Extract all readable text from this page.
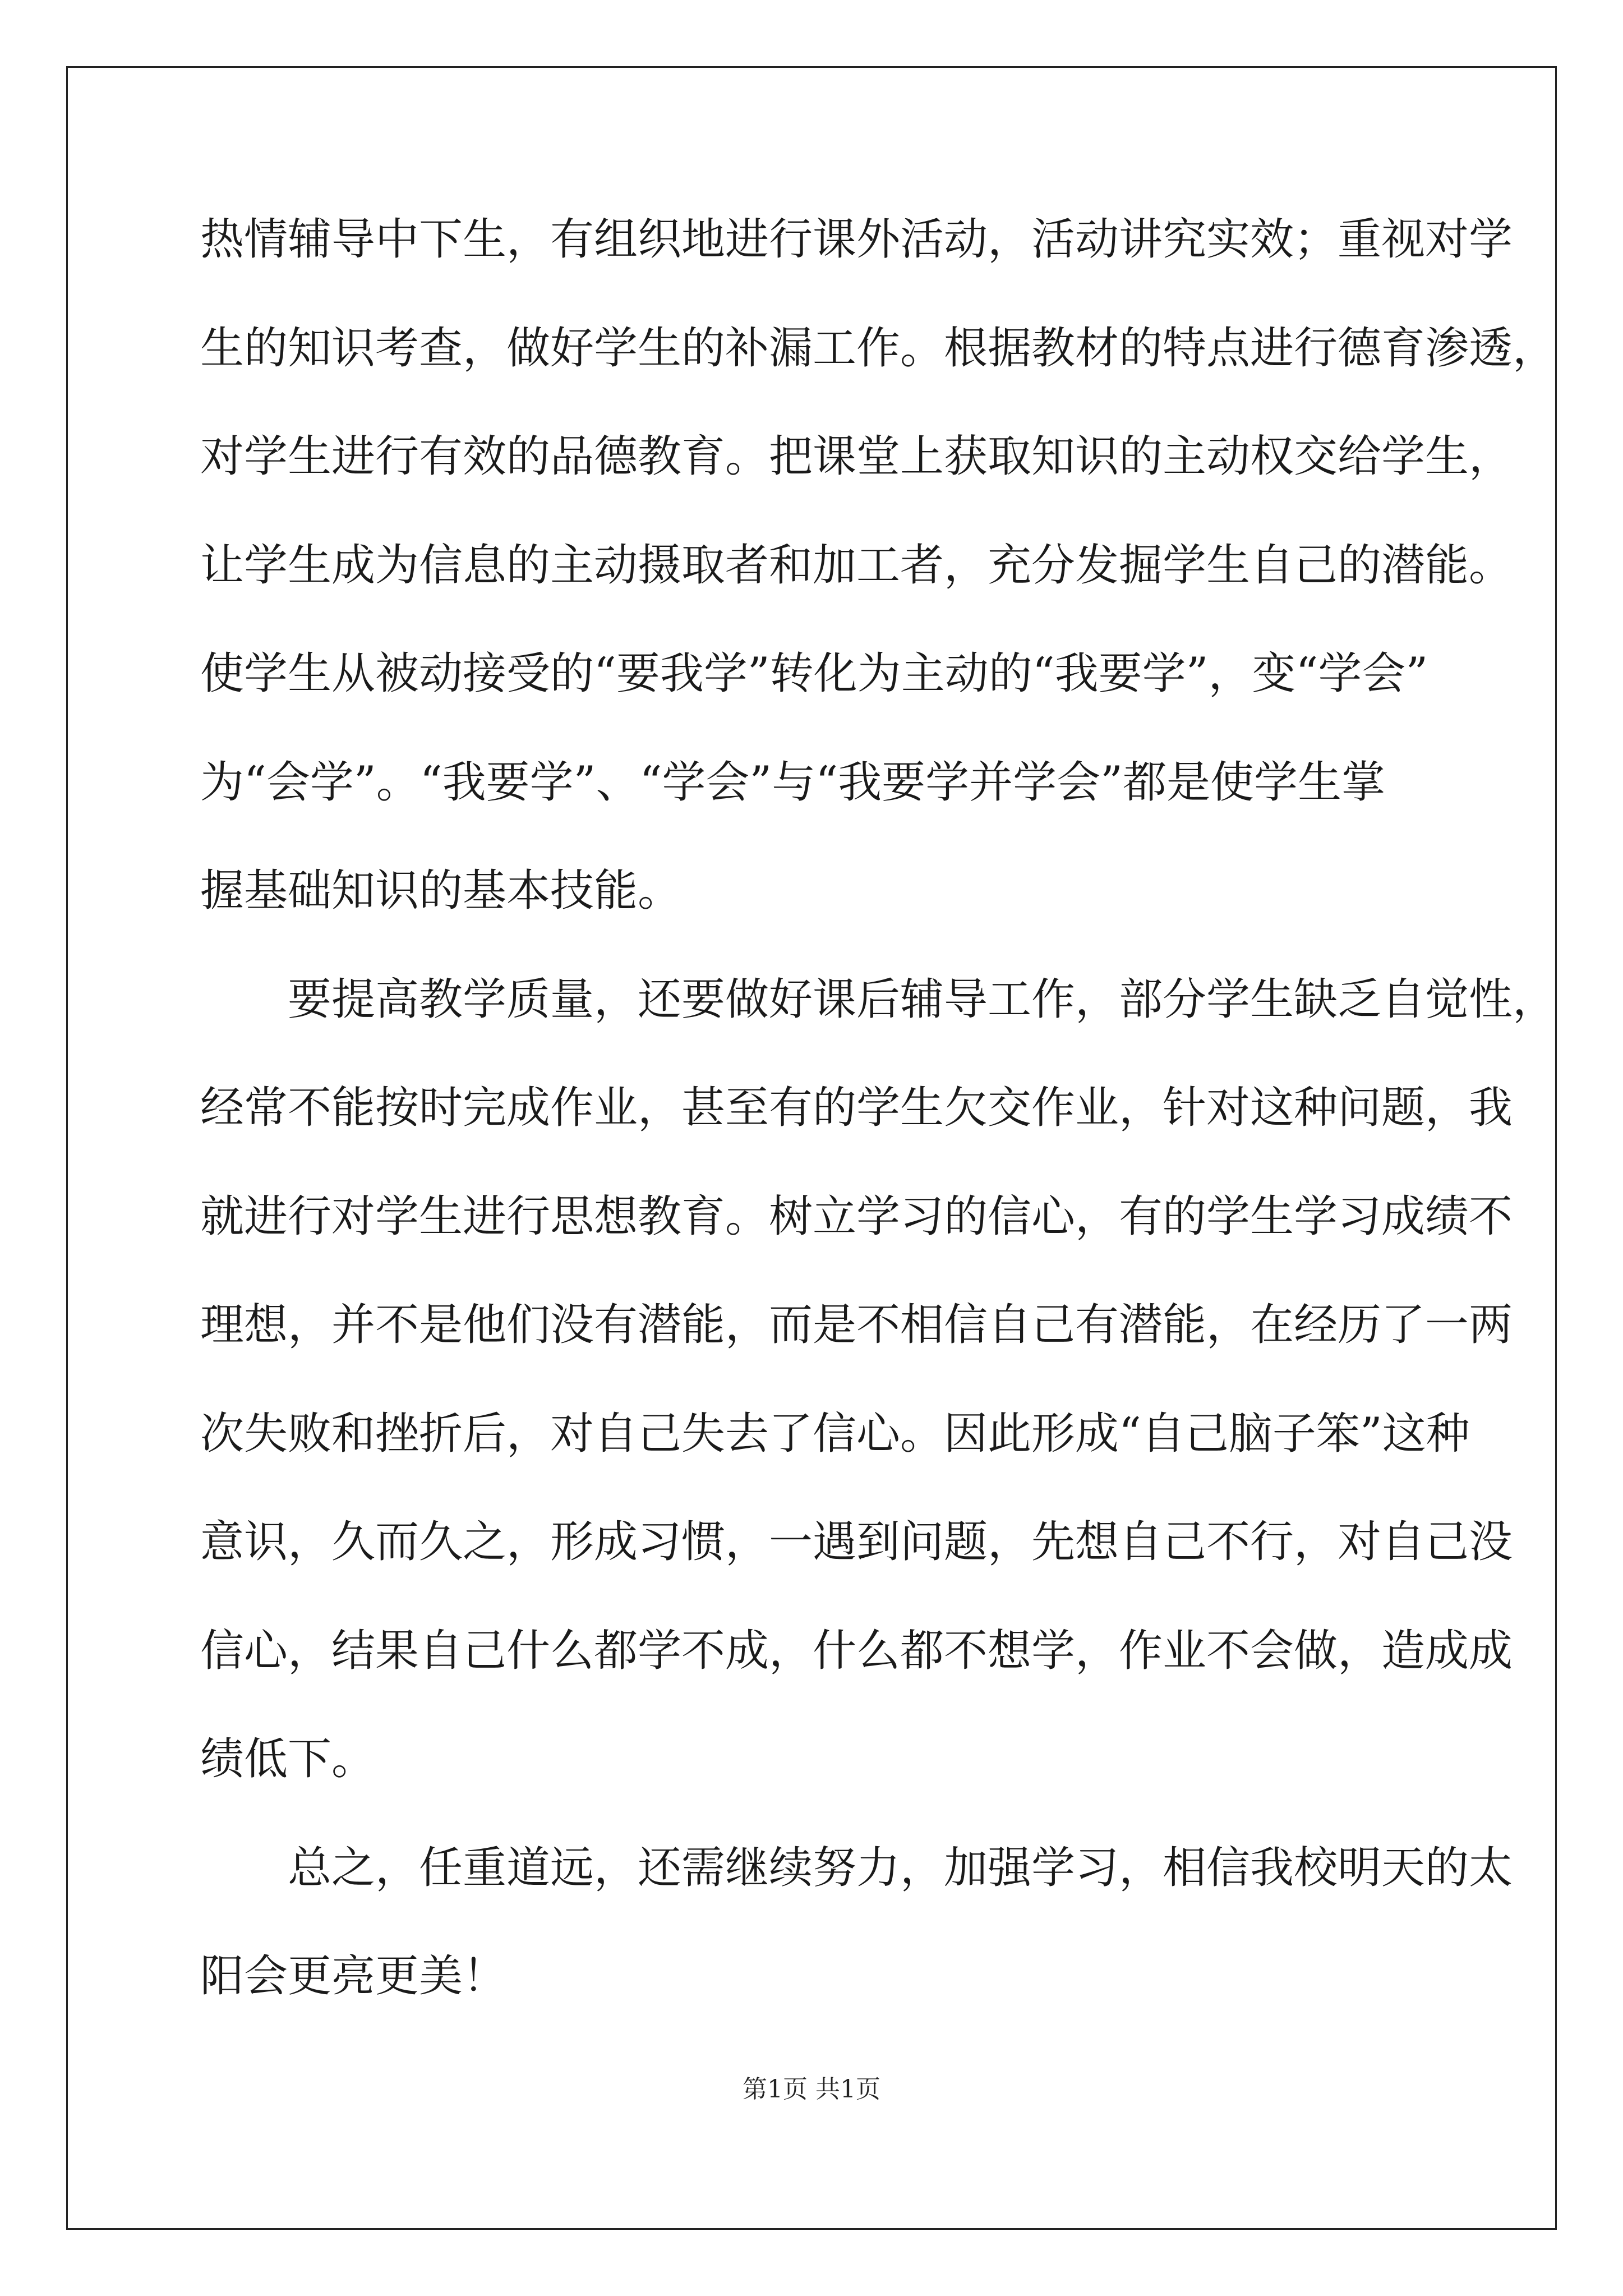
热情辅导中下生，有组织地进行课外活动，活动讲究实效；重视对学
生的知识考查，做好学生的补漏工作。根据教材的特点进行德育渗透，
对学生进行有效的品德教育。把课堂上获取知识的主动权交给学生，
让学生成为信息的主动摄取者和加工者，充分发掘学生自己的潜能。
使学生从被动接受的“要我学”转化为主动的“我要学”，变“学会”
为“会学”。“我要学”、“学会”与“我要学并学会”都是使学生掌
握基础知识的基本技能。
　　要提高教学质量，还要做好课后辅导工作，部分学生缺乏自觉性，
经常不能按时完成作业，甚至有的学生欠交作业，针对这种问题，我
就进行对学生进行思想教育。树立学习的信心，有的学生学习成绩不
理想，并不是他们没有潜能，而是不相信自己有潜能，在经历了一两
次失败和挫折后，对自己失去了信心。因此形成“自己脑子笨”这种
意识，久而久之，形成习惯，一遇到问题，先想自己不行，对自己没
信心，结果自己什么都学不成，什么都不想学，作业不会做，造成成
绩低下。
　　总之，任重道远，还需继续努力，加强学习，相信我校明天的太
阳会更亮更美！
第1页 共1页
